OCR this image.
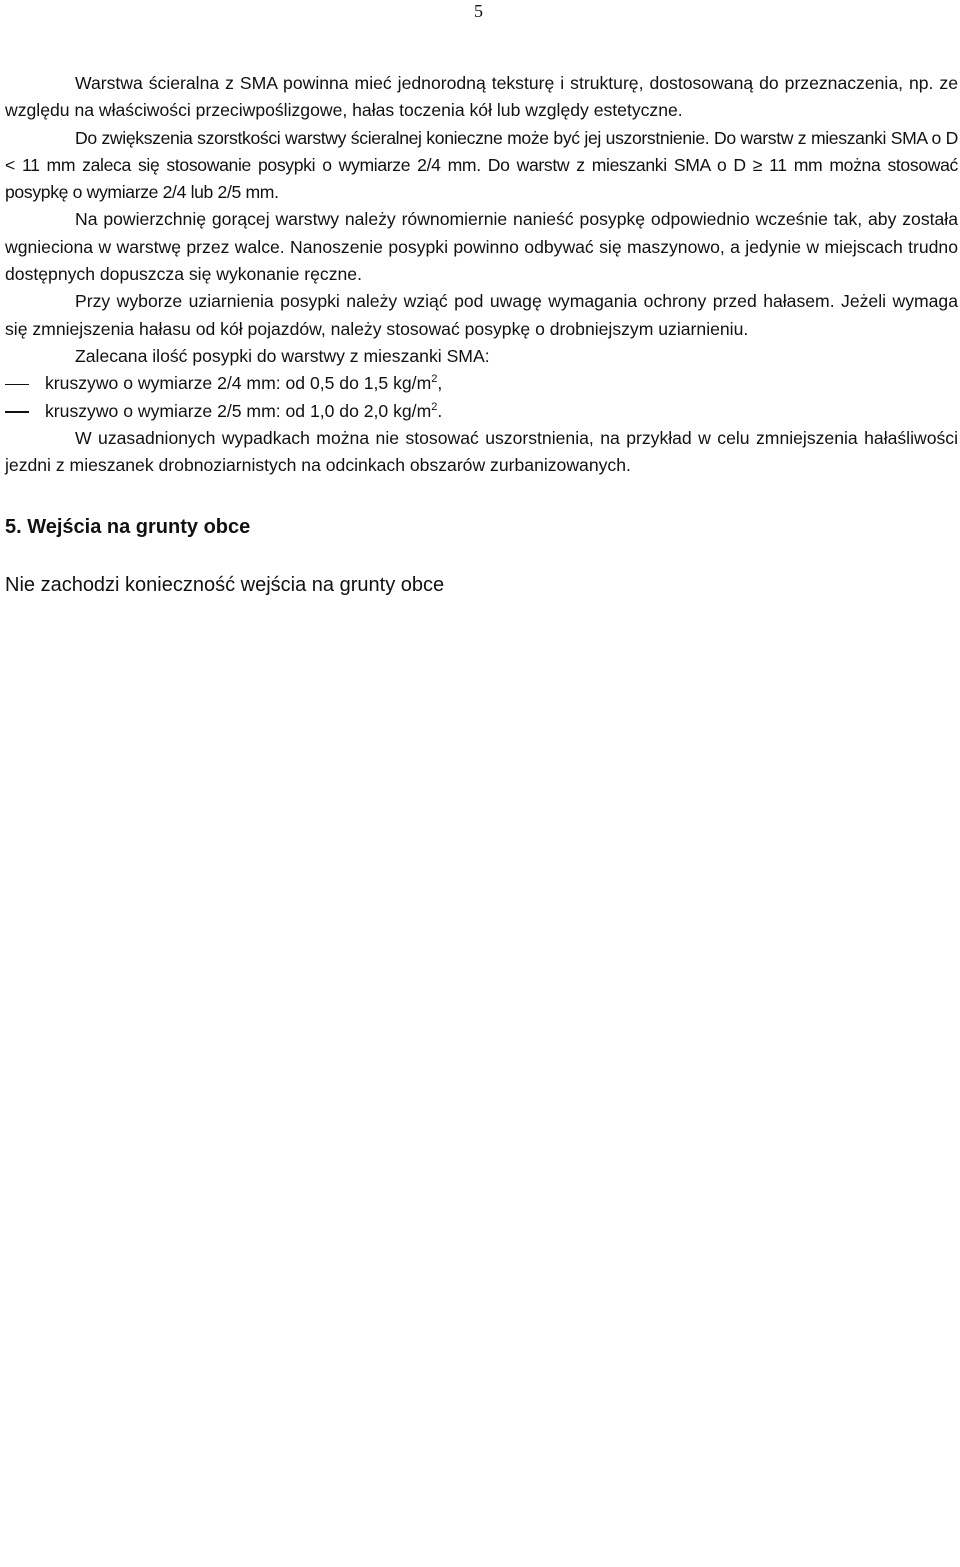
5

Warstwa ścieralna z SMA powinna mieć jednorodną teksturę i strukturę, dostosowaną do przeznaczenia, np. ze względu na właściwości przeciwpoślizgowe, hałas toczenia kół lub względy estetyczne.

Do zwiększenia szorstkości warstwy ścieralnej konieczne może być jej uszorstnienie. Do warstw z mieszanki SMA o D < 11 mm zaleca się stosowanie posypki o wymiarze 2/4 mm. Do warstw z mieszanki SMA o D ≥ 11 mm można stosować posypkę o wymiarze 2/4 lub 2/5 mm.

Na powierzchnię gorącej warstwy należy równomiernie nanieść posypkę odpowiednio wcześnie tak, aby została wgnieciona w warstwę przez walce. Nanoszenie posypki powinno odbywać się maszynowo, a jedynie w miejscach trudno dostępnych dopuszcza się wykonanie ręczne.

Przy wyborze uziarnienia posypki należy wziąć pod uwagę wymagania ochrony przed hałasem. Jeżeli wymaga się zmniejszenia hałasu od kół pojazdów, należy stosować posypkę o drobniejszym uziarnieniu.

Zalecana ilość posypki do warstwy z mieszanki SMA:

kruszywo o wymiarze 2/4 mm: od 0,5 do 1,5 $kg/m^2$,
kruszywo o wymiarze 2/5 mm: od 1,0 do 2,0 $kg/m^2$.

W uzasadnionych wypadkach można nie stosować uszorstnienia, na przykład w celu zmniejszenia hałaśliwości jezdni z mieszanek drobnoziarnistych na odcinkach obszarów zurbanizowanych.

5. Wejścia na grunty obce

Nie zachodzi konieczność wejścia na grunty obce
